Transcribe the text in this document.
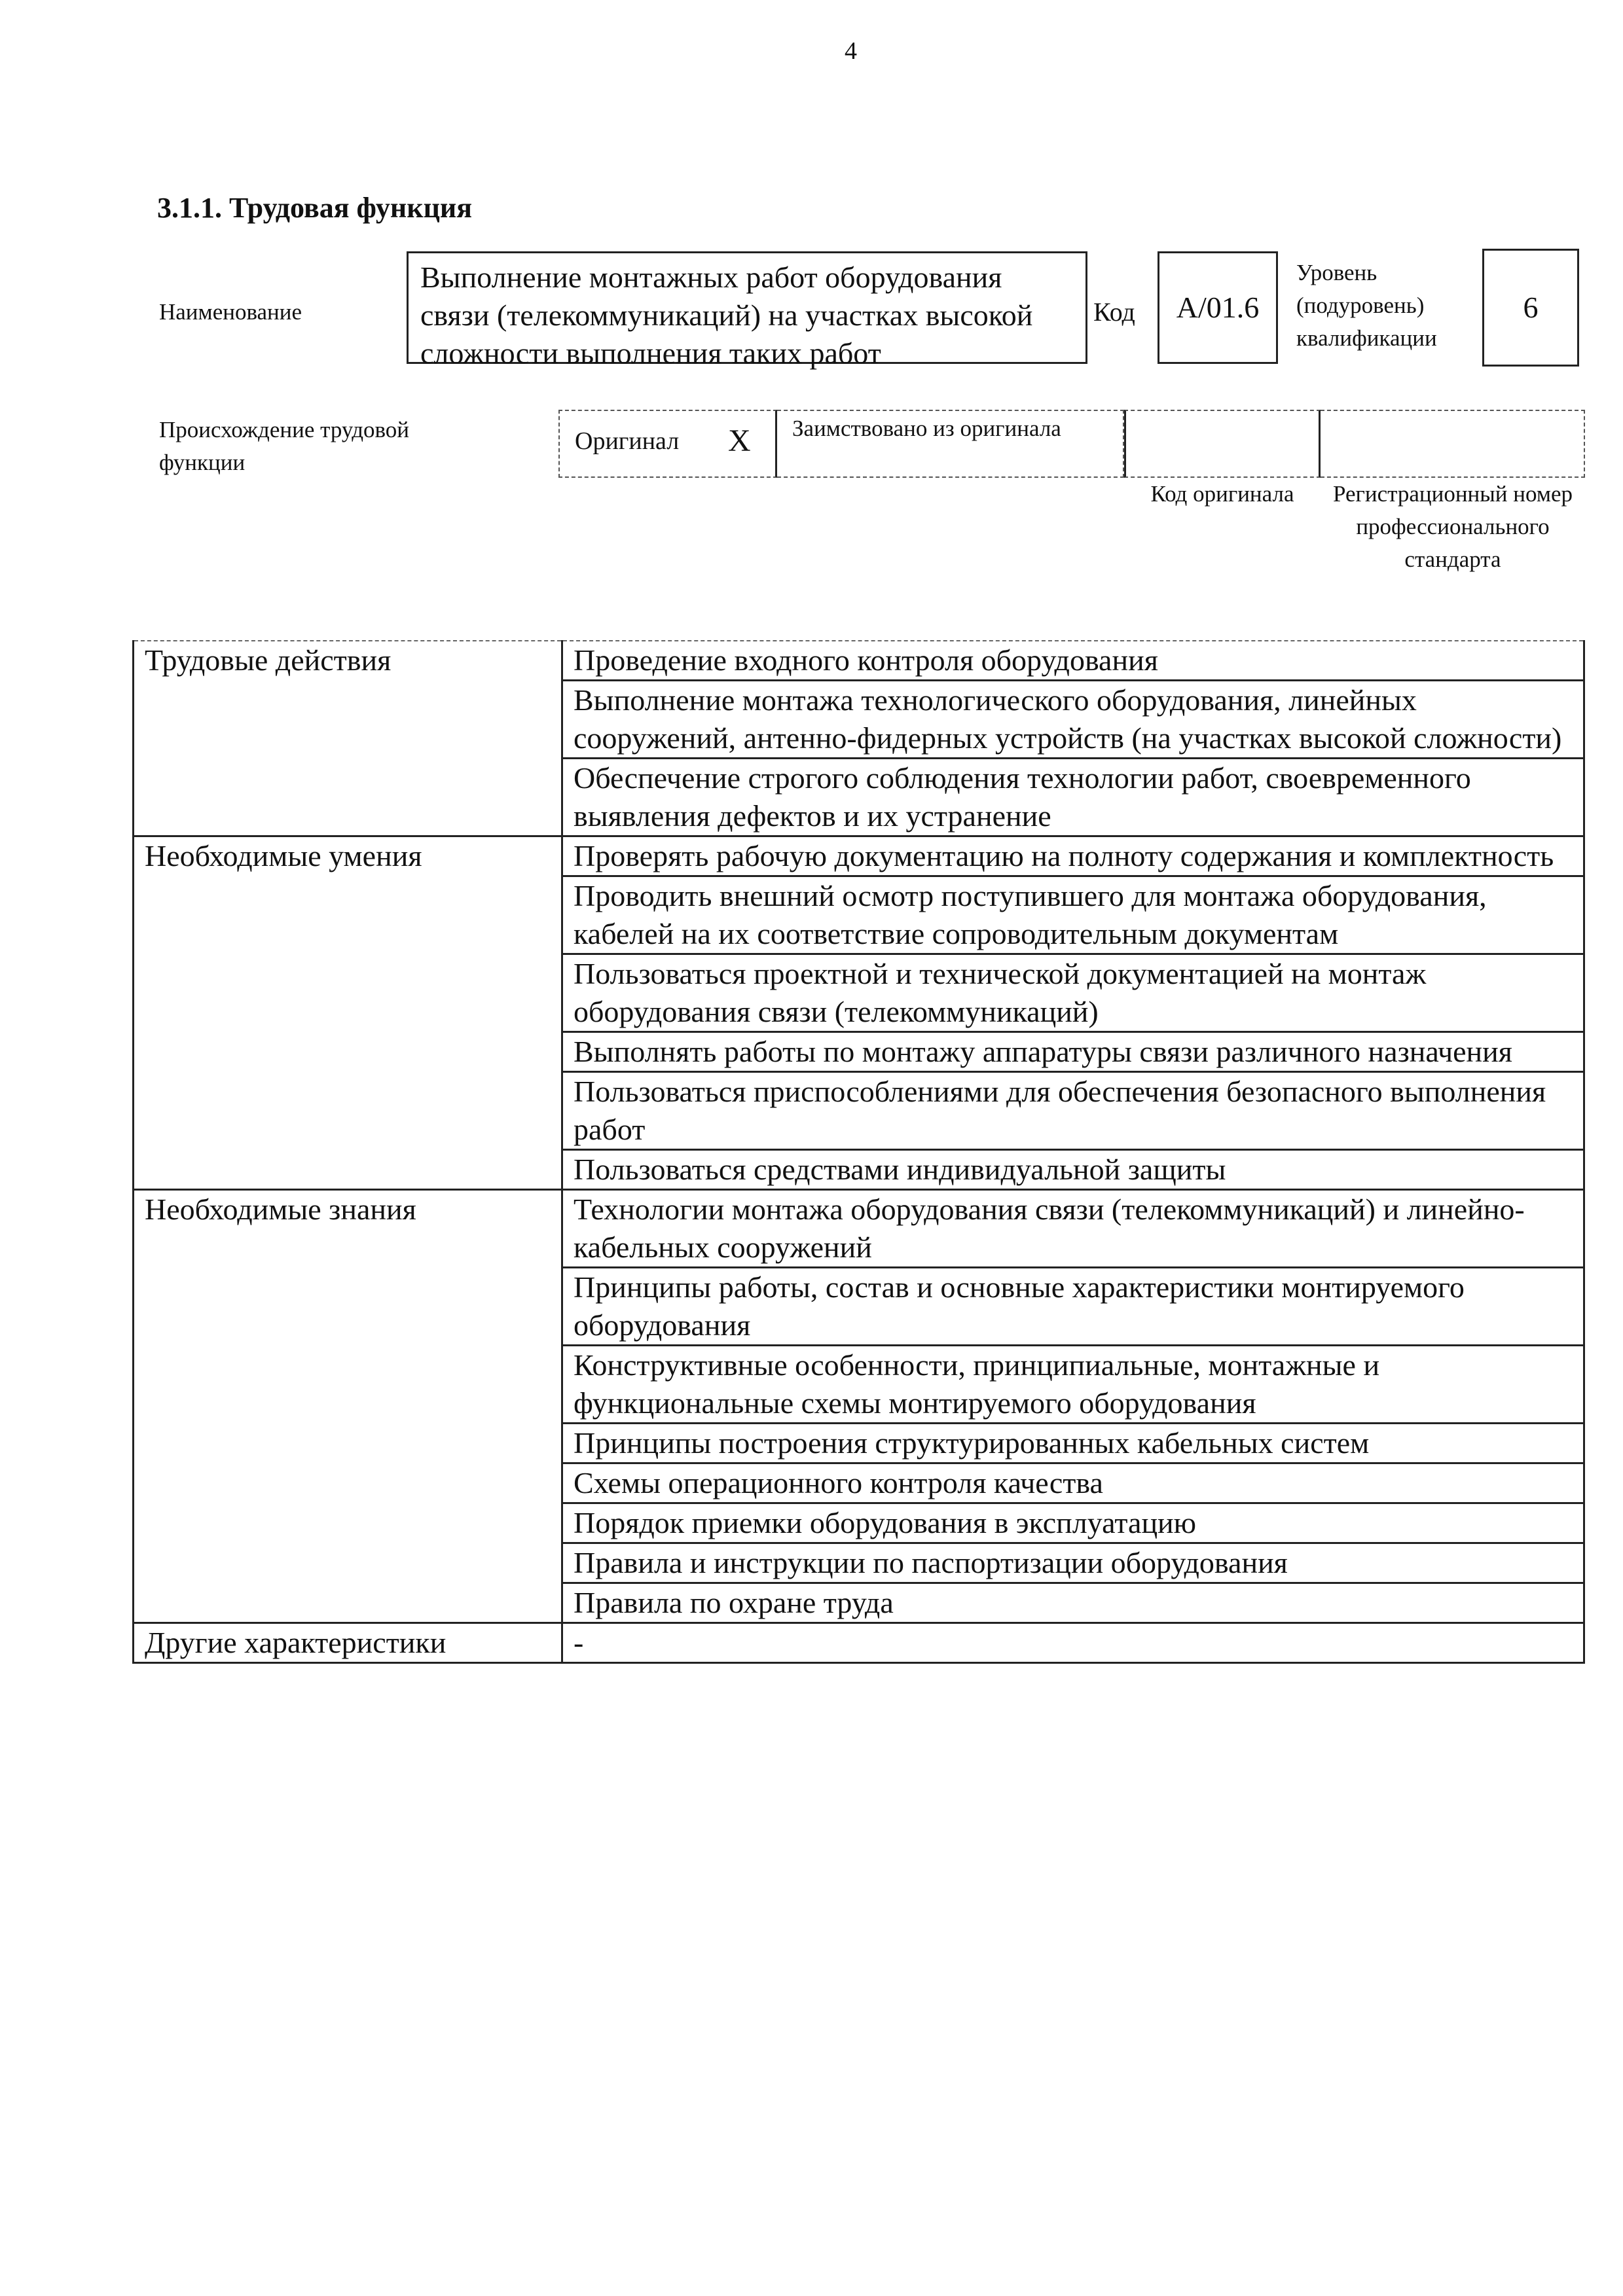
4
3.1.1. Трудовая функция
Наименование
Выполнение монтажных работ оборудования связи (телекоммуникаций) на участках высокой сложности выполнения таких работ
Код А/01.6
Уровень (подуровень) квалификации
6
Происхождение трудовой функции
Оригинал Х Заимствовано из оригинала
Код оригинала	Регистрационный номер профессионального стандарта
Трудовые действия	Проведение входного контроля оборудования
	Выполнение монтажа технологического оборудования, линейных сооружений, антенно-фидерных устройств (на участках высокой сложности)
	Обеспечение строгого соблюдения технологии работ, своевременного выявления дефектов и их устранение
Необходимые умения	Проверять рабочую документацию на полноту содержания и комплектность
	Проводить внешний осмотр поступившего для монтажа оборудования, кабелей на их соответствие сопроводительным документам
	Пользоваться проектной и технической документацией на монтаж оборудования связи (телекоммуникаций)
	Выполнять работы по монтажу аппаратуры связи различного назначения
	Пользоваться приспособлениями для обеспечения безопасного выполнения работ
	Пользоваться средствами индивидуальной защиты
Необходимые знания	Технологии монтажа оборудования связи (телекоммуникаций) и линейно-кабельных сооружений
	Принципы работы, состав и основные характеристики монтируемого оборудования
	Конструктивные особенности, принципиальные, монтажные и функциональные схемы монтируемого оборудования
	Принципы построения структурированных кабельных систем
	Схемы операционного контроля качества
	Порядок приемки оборудования в эксплуатацию
	Правила и инструкции по паспортизации оборудования
	Правила по охране труда
Другие характеристики	-
